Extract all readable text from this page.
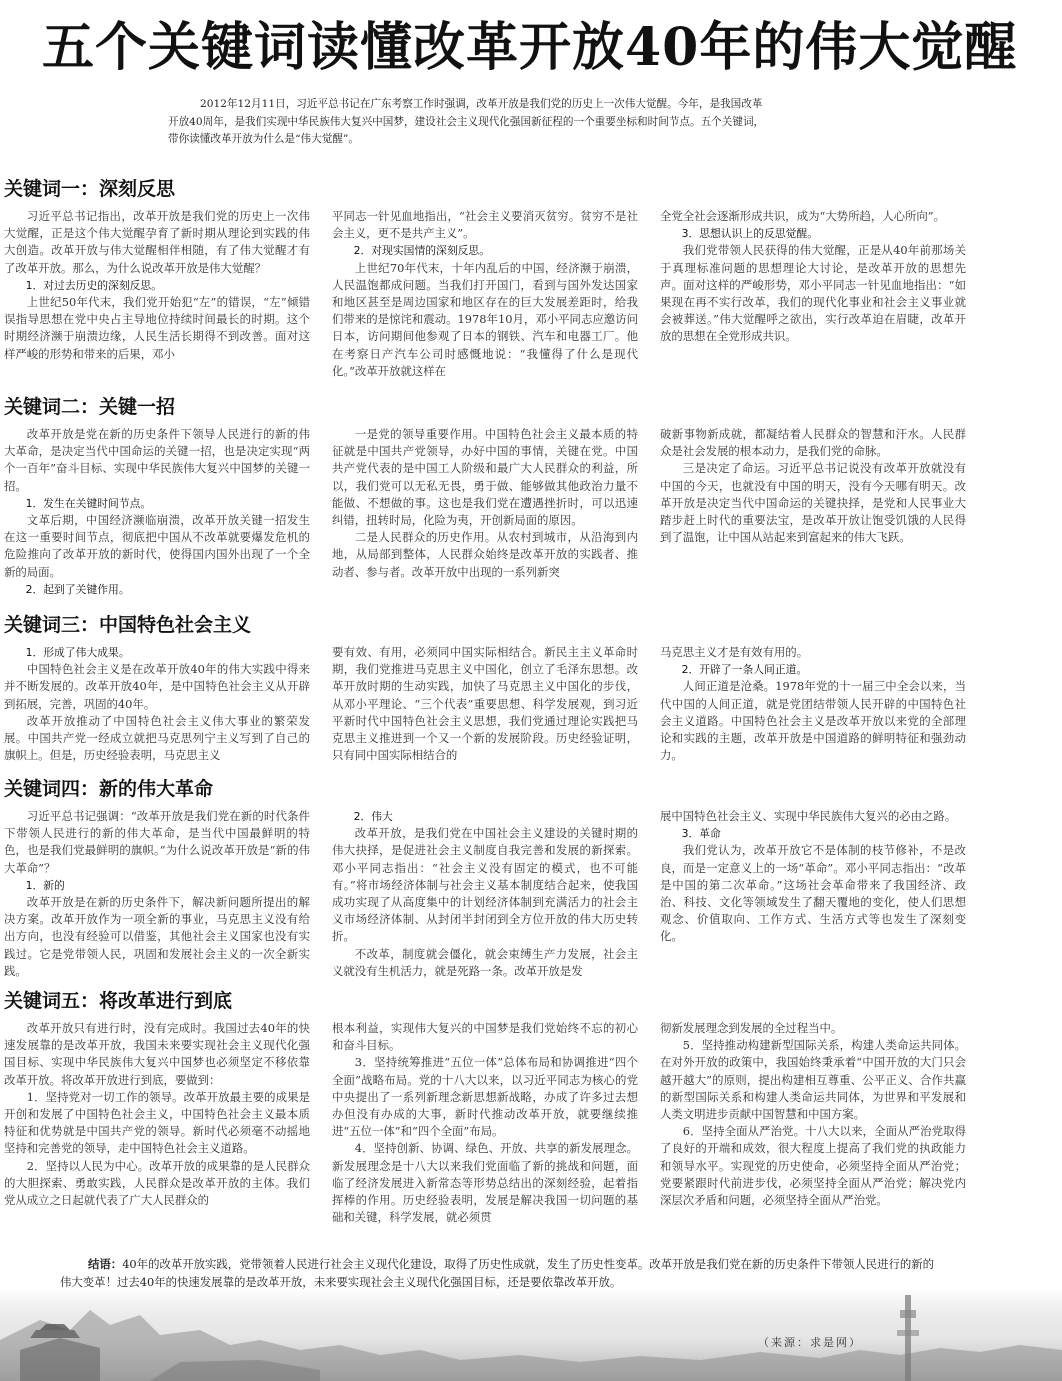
五个关键词读懂改革开放40年的伟大觉醒
2012年12月11日，习近平总书记在广东考察工作时强调，改革开放是我们党的历史上一次伟大觉醒。今年，是我国改革开放40周年，是我们实现中华民族伟大复兴中国梦，建设社会主义现代化强国新征程的一个重要坐标和时间节点。五个关键词，带你读懂改革开放为什么是“伟大觉醒”。
关键词一：深刻反思

习近平总书记指出，改革开放是我们党的历史上一次伟大觉醒，正是这个伟大觉醒孕育了新时期从理论到实践的伟大创造。改革开放与伟大觉醒相伴相随，有了伟大觉醒才有了改革开放。那么，为什么说改革开放是伟大觉醒？

1．对过去历史的深刻反思。

上世纪50年代末，我们党开始犯“左”的错误，“左”倾错误指导思想在党中央占主导地位持续时间最长的时期。这个时期经济濒于崩溃边缘，人民生活长期得不到改善。面对这样严峻的形势和带来的后果，邓小

平同志一针见血地指出，“社会主义要消灭贫穷。贫穷不是社会主义，更不是共产主义”。

2．对现实国情的深刻反思。

上世纪70年代末，十年内乱后的中国，经济濒于崩溃，人民温饱都成问题。当我们打开国门，看到与国外发达国家和地区甚至是周边国家和地区存在的巨大发展差距时，给我们带来的是惊诧和震动。1978年10月，邓小平同志应邀访问日本，访问期间他参观了日本的钢铁、汽车和电器工厂。他在考察日产汽车公司时感慨地说：“我懂得了什么是现代化。”改革开放就这样在

全党全社会逐渐形成共识，成为“大势所趋，人心所向”。

3．思想认识上的反思觉醒。

我们党带领人民获得的伟大觉醒，正是从40年前那场关于真理标准问题的思想理论大讨论，是改革开放的思想先声。面对这样的严峻形势，邓小平同志一针见血地指出：“如果现在再不实行改革，我们的现代化事业和社会主义事业就会被葬送。”伟大觉醒呼之欲出，实行改革迫在眉睫，改革开放的思想在全党形成共识。

关键词二：关键一招

改革开放是党在新的历史条件下领导人民进行的新的伟大革命，是决定当代中国命运的关键一招，也是决定实现“两个一百年”奋斗目标、实现中华民族伟大复兴中国梦的关键一招。

1．发生在关键时间节点。

文革后期，中国经济濒临崩溃，改革开放关键一招发生在这一重要时间节点，彻底把中国从不改革就要爆发危机的危险推向了改革开放的新时代，使得国内国外出现了一个全新的局面。

2．起到了关键作用。

一是党的领导重要作用。中国特色社会主义最本质的特征就是中国共产党领导，办好中国的事情，关键在党。中国共产党代表的是中国工人阶级和最广大人民群众的利益，所以，我们党可以无私无畏，勇于做、能够做其他政治力量不能做、不想做的事。这也是我们党在遭遇挫折时，可以迅速纠错，扭转时局，化险为夷，开创新局面的原因。

二是人民群众的历史作用。从农村到城市，从沿海到内地，从局部到整体，人民群众始终是改革开放的实践者、推动者、参与者。改革开放中出现的一系列新突

破新事物新成就，都凝结着人民群众的智慧和汗水。人民群众是社会发展的根本动力，是我们党的命脉。

三是决定了命运。习近平总书记说没有改革开放就没有中国的今天，也就没有中国的明天，没有今天哪有明天。改革开放是决定当代中国命运的关键抉择，是党和人民事业大踏步赶上时代的重要法宝，是改革开放让饱受饥饿的人民得到了温饱，让中国从站起来到富起来的伟大飞跃。

关键词三：中国特色社会主义

1．形成了伟大成果。

中国特色社会主义是在改革开放40年的伟大实践中得来并不断发展的。改革开放40年，是中国特色社会主义从开辟到拓展，完善，巩固的40年。

改革开放推动了中国特色社会主义伟大事业的繁荣发展。中国共产党一经成立就把马克思列宁主义写到了自己的旗帜上。但是，历史经验表明，马克思主义

要有效、有用，必须同中国实际相结合。新民主主义革命时期，我们党推进马克思主义中国化，创立了毛泽东思想。改革开放时期的生动实践，加快了马克思主义中国化的步伐，从邓小平理论、“三个代表”重要思想、科学发展观，到习近平新时代中国特色社会主义思想，我们党通过理论实践把马克思主义推进到一个又一个新的发展阶段。历史经验证明，只有同中国实际相结合的

马克思主义才是有效有用的。

2．开辟了一条人间正道。

人间正道是沧桑。1978年党的十一届三中全会以来，当代中国的人间正道，就是党团结带领人民开辟的中国特色社会主义道路。中国特色社会主义是改革开放以来党的全部理论和实践的主题，改革开放是中国道路的鲜明特征和强劲动力。

关键词四：新的伟大革命

习近平总书记强调：“改革开放是我们党在新的时代条件下带领人民进行的新的伟大革命，是当代中国最鲜明的特色，也是我们党最鲜明的旗帜。”为什么说改革开放是“新的伟大革命”？

1．新的

改革开放是在新的历史条件下，解决新问题所提出的解决方案。改革开放作为一项全新的事业，马克思主义没有给出方向，也没有经验可以借鉴，其他社会主义国家也没有实践过。它是党带领人民，巩固和发展社会主义的一次全新实践。

2．伟大

改革开放，是我们党在中国社会主义建设的关键时期的伟大抉择，是促进社会主义制度自我完善和发展的新探索。邓小平同志指出：“社会主义没有固定的模式，也不可能有。”将市场经济体制与社会主义基本制度结合起来，使我国成功实现了从高度集中的计划经济体制到充满活力的社会主义市场经济体制、从封闭半封闭到全方位开放的伟大历史转折。

不改革，制度就会僵化，就会束缚生产力发展，社会主义就没有生机活力，就是死路一条。改革开放是发

展中国特色社会主义、实现中华民族伟大复兴的必由之路。

3．革命

我们党认为，改革开放它不是体制的枝节修补，不是改良，而是一定意义上的一场“革命”。邓小平同志指出：“改革是中国的第二次革命。”这场社会革命带来了我国经济、政治、科技、文化等领域发生了翻天覆地的变化，使人们思想观念、价值取向、工作方式、生活方式等也发生了深刻变化。

关键词五：将改革进行到底

改革开放只有进行时，没有完成时。我国过去40年的快速发展靠的是改革开放，我国未来要实现社会主义现代化强国目标、实现中华民族伟大复兴中国梦也必须坚定不移依靠改革开放。将改革开放进行到底，要做到：

1．坚持党对一切工作的领导。改革开放最主要的成果是开创和发展了中国特色社会主义，中国特色社会主义最本质特征和优势就是中国共产党的领导。新时代必须毫不动摇地坚持和完善党的领导，走中国特色社会主义道路。

2．坚持以人民为中心。改革开放的成果靠的是人民群众的大胆探索、勇敢实践，人民群众是改革开放的主体。我们党从成立之日起就代表了广大人民群众的

根本利益，实现伟大复兴的中国梦是我们党始终不忘的初心和奋斗目标。

3．坚持统筹推进“五位一体”总体布局和协调推进“四个全面”战略布局。党的十八大以来，以习近平同志为核心的党中央提出了一系列新理念新思想新战略，办成了许多过去想办但没有办成的大事，新时代推动改革开放，就要继续推进“五位一体”和“四个全面”布局。

4．坚持创新、协调、绿色、开放、共享的新发展理念。新发展理念是十八大以来我们党面临了新的挑战和问题，面临了经济发展进入新常态等形势总结出的深刻经验，起着指挥棒的作用。历史经验表明，发展是解决我国一切问题的基础和关键，科学发展，就必须贯

彻新发展理念到发展的全过程当中。

5．坚持推动构建新型国际关系，构建人类命运共同体。在对外开放的政策中，我国始终秉承着“中国开放的大门只会越开越大”的原则，提出构建相互尊重、公平正义、合作共赢的新型国际关系和构建人类命运共同体，为世界和平发展和人类文明进步贡献中国智慧和中国方案。

6．坚持全面从严治党。十八大以来，全面从严治党取得了良好的开端和成效，很大程度上提高了我们党的执政能力和领导水平。实现党的历史使命，必须坚持全面从严治党；党要紧跟时代前进步伐，必须坚持全面从严治党；解决党内深层次矛盾和问题，必须坚持全面从严治党。

结语：40年的改革开放实践，党带领着人民进行社会主义现代化建设，取得了历史性成就，发生了历史性变革。改革开放是我们党在新的历史条件下带领人民进行的新的伟大变革！过去40年的快速发展靠的是改革开放，未来要实现社会主义现代化强国目标，还是要依靠改革开放。
（来源：求是网）
